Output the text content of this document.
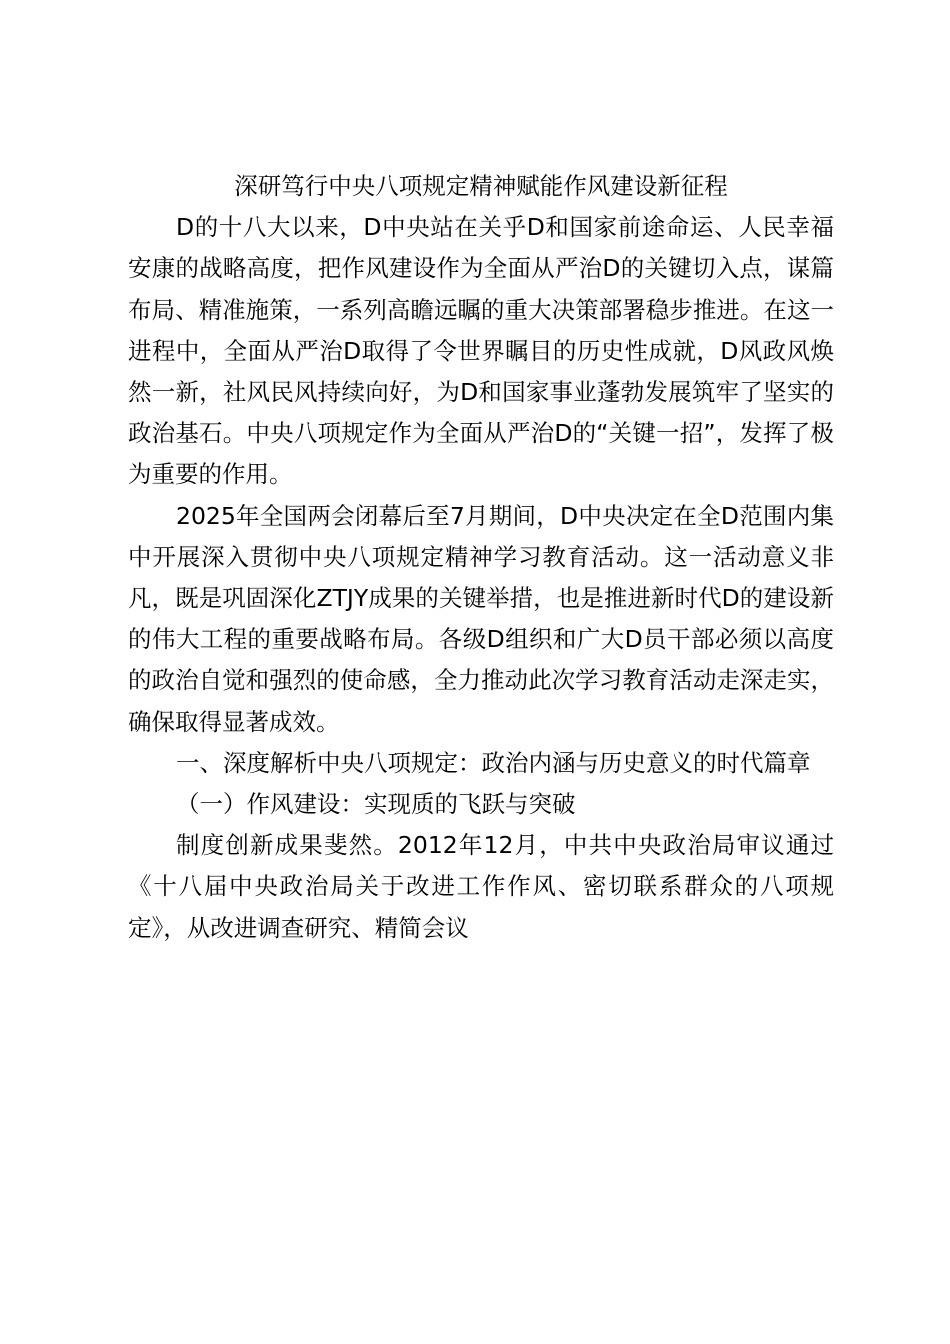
深研笃行中央八项规定精神赋能作风建设新征程

D的十八大以来，D中央站在关乎D和国家前途命运、人民幸福安康的战略高度，把作风建设作为全面从严治D的关键切入点，谋篇布局、精准施策，一系列高瞻远瞩的重大决策部署稳步推进。在这一进程中，全面从严治D取得了令世界瞩目的历史性成就，D风政风焕然一新，社风民风持续向好，为D和国家事业蓬勃发展筑牢了坚实的政治基石。中央八项规定作为全面从严治D的“关键一招”，发挥了极为重要的作用。

2025年全国两会闭幕后至7月期间，D中央决定在全D范围内集中开展深入贯彻中央八项规定精神学习教育活动。这一活动意义非凡，既是巩固深化ZTJY成果的关键举措，也是推进新时代D的建设新的伟大工程的重要战略布局。各级D组织和广大D员干部必须以高度的政治自觉和强烈的使命感，全力推动此次学习教育活动走深走实，确保取得显著成效。

一、深度解析中央八项规定：政治内涵与历史意义的时代篇章

（一）作风建设：实现质的飞跃与突破

制度创新成果斐然。2012年12月，中共中央政治局审议通过《十八届中央政治局关于改进工作作风、密切联系群众的八项规定》，从改进调查研究、精简会议
